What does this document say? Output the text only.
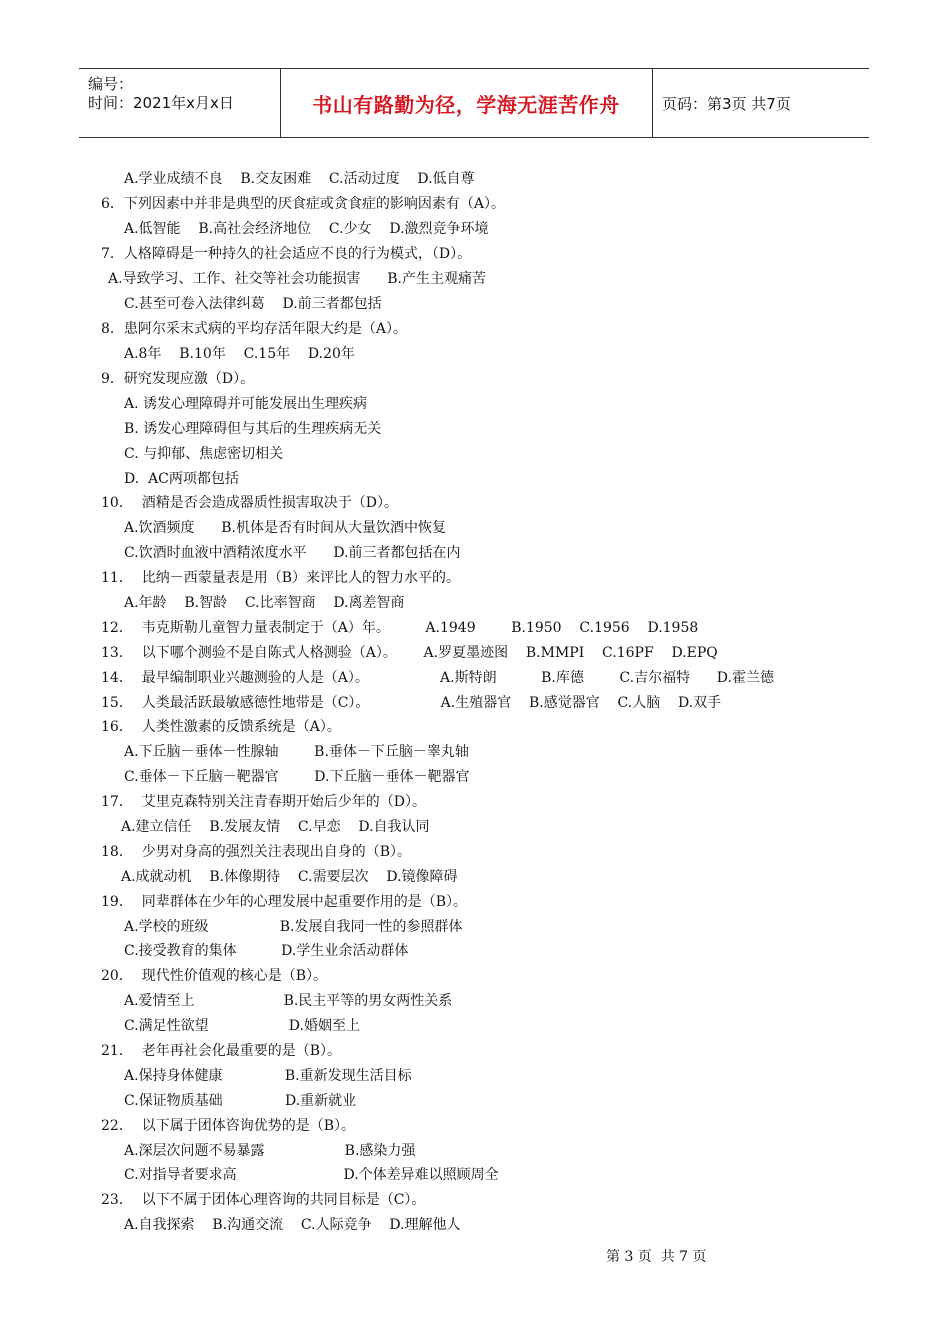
编号：
时间：2021年x月x日	书山有路勤为径，学海无涯苦作舟	页码：第3页 共7页
A.学业成绩不良    B.交友困难    C.活动过度    D.低自尊
6．下列因素中并非是典型的厌食症或贪食症的影响因素有（A）。
A.低智能    B.高社会经济地位    C.少女    D.激烈竞争环境
7．人格障碍是一种持久的社会适应不良的行为模式，（D）。
A.导致学习、工作、社交等社会功能损害      B.产生主观痛苦
C.甚至可卷入法律纠葛    D.前三者都包括
8．患阿尔采末式病的平均存活年限大约是（A）。
A.8年    B.10年    C.15年    D.20年
9．研究发现应激（D）。
A. 诱发心理障碍并可能发展出生理疾病
B. 诱发心理障碍但与其后的生理疾病无关
C. 与抑郁、焦虑密切相关
D.  AC两项都包括
10．  酒精是否会造成器质性损害取决于（D）。
A.饮酒频度      B.机体是否有时间从大量饮酒中恢复
C.饮酒时血液中酒精浓度水平      D.前三者都包括在内
11．  比纳－西蒙量表是用（B）来评比人的智力水平的。
A.年龄    B.智龄    C.比率智商    D.离差智商
12．  韦克斯勒儿童智力量表制定于（A）年。        A.1949        B.1950    C.1956    D.1958
13．  以下哪个测验不是自陈式人格测验（A）。      A.罗夏墨迹图    B.MMPI    C.16PF    D.EPQ
14．  最早编制职业兴趣测验的人是（A）。                A.斯特朗          B.库德        C.吉尔福特      D.霍兰德
15．  人类最活跃最敏感德性地带是（C）。                A.生殖器官    B.感觉器官    C.人脑    D.双手
16．  人类性激素的反馈系统是（A）。
A.下丘脑－垂体－性腺轴        B.垂体－下丘脑－睾丸轴
C.垂体－下丘脑－靶器官        D.下丘脑－垂体－靶器官
17．  艾里克森特别关注青春期开始后少年的（D）。
A.建立信任    B.发展友情    C.早恋    D.自我认同
18．  少男对身高的强烈关注表现出自身的（B）。
A.成就动机    B.体像期待    C.需要层次    D.镜像障碍
19．  同辈群体在少年的心理发展中起重要作用的是（B）。
A.学校的班级                B.发展自我同一性的参照群体
C.接受教育的集体          D.学生业余活动群体
20．  现代性价值观的核心是（B）。
A.爱情至上                    B.民主平等的男女两性关系
C.满足性欲望                  D.婚姻至上
21．  老年再社会化最重要的是（B）。
A.保持身体健康              B.重新发现生活目标
C.保证物质基础              D.重新就业
22．  以下属于团体咨询优势的是（B）。
A.深层次问题不易暴露                  B.感染力强
C.对指导者要求高                        D.个体差异难以照顾周全
23．  以下不属于团体心理咨询的共同目标是（C）。
A.自我探索    B.沟通交流    C.人际竞争    D.理解他人
第 3 页  共 7 页
